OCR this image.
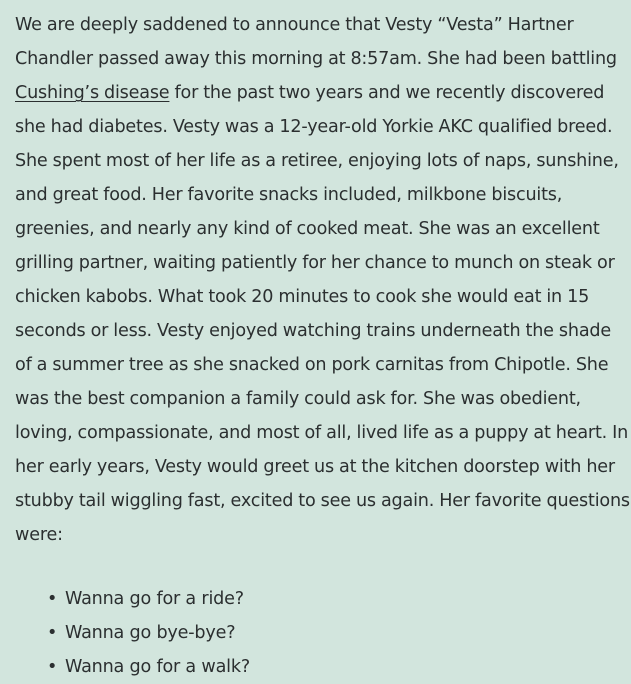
We are deeply saddened to announce that Vesty “Vesta” Hartner Chandler passed away this morning at 8:57am. She had been battling Cushing’s disease for the past two years and we recently discovered she had diabetes. Vesty was a 12-year-old Yorkie AKC qualified breed. She spent most of her life as a retiree, enjoying lots of naps, sunshine, and great food. Her favorite snacks included, milkbone biscuits, greenies, and nearly any kind of cooked meat. She was an excellent grilling partner, waiting patiently for her chance to munch on steak or chicken kabobs. What took 20 minutes to cook she would eat in 15 seconds or less. Vesty enjoyed watching trains underneath the shade of a summer tree as she snacked on pork carnitas from Chipotle. She was the best companion a family could ask for. She was obedient, loving, compassionate, and most of all, lived life as a puppy at heart. In her early years, Vesty would greet us at the kitchen doorstep with her stubby tail wiggling fast, excited to see us again. Her favorite questions were:

• Wanna go for a ride?
• Wanna go bye-bye?
• Wanna go for a walk?
